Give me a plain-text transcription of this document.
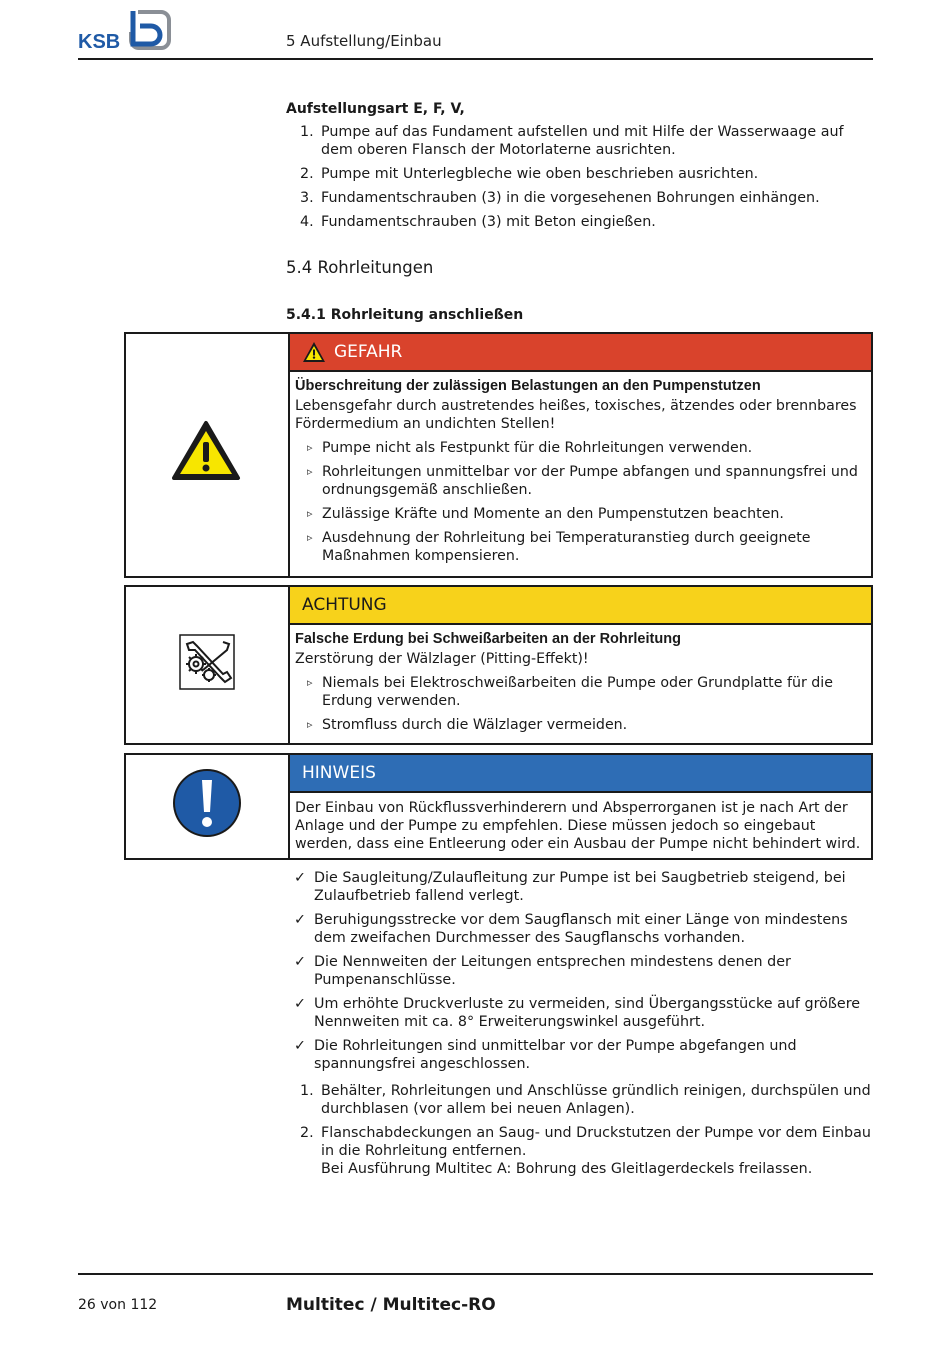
KSB	5 Aufstellung/Einbau
Aufstellungsart E, F, V,
1. Pumpe auf das Fundament aufstellen und mit Hilfe der Wasserwaage auf dem oberen Flansch der Motorlaterne ausrichten.
2. Pumpe mit Unterlegbleche wie oben beschrieben ausrichten.
3. Fundamentschrauben (3) in die vorgesehenen Bohrungen einhängen.
4. Fundamentschrauben (3) mit Beton eingießen.
5.4 Rohrleitungen
5.4.1 Rohrleitung anschließen
GEFAHR
Überschreitung der zulässigen Belastungen an den Pumpenstutzen
Lebensgefahr durch austretendes heißes, toxisches, ätzendes oder brennbares Fördermedium an undichten Stellen!
▹ Pumpe nicht als Festpunkt für die Rohrleitungen verwenden.
▹ Rohrleitungen unmittelbar vor der Pumpe abfangen und spannungsfrei und ordnungsgemäß anschließen.
▹ Zulässige Kräfte und Momente an den Pumpenstutzen beachten.
▹ Ausdehnung der Rohrleitung bei Temperaturanstieg durch geeignete Maßnahmen kompensieren.
ACHTUNG
Falsche Erdung bei Schweißarbeiten an der Rohrleitung
Zerstörung der Wälzlager (Pitting-Effekt)!
▹ Niemals bei Elektroschweißarbeiten die Pumpe oder Grundplatte für die Erdung verwenden.
▹ Stromfluss durch die Wälzlager vermeiden.
HINWEIS
Der Einbau von Rückflussverhinderern und Absperrorganen ist je nach Art der Anlage und der Pumpe zu empfehlen. Diese müssen jedoch so eingebaut werden, dass eine Entleerung oder ein Ausbau der Pumpe nicht behindert wird.
✓ Die Saugleitung/Zulaufleitung zur Pumpe ist bei Saugbetrieb steigend, bei Zulaufbetrieb fallend verlegt.
✓ Beruhigungsstrecke vor dem Saugflansch mit einer Länge von mindestens dem zweifachen Durchmesser des Saugflanschs vorhanden.
✓ Die Nennweiten der Leitungen entsprechen mindestens denen der Pumpenanschlüsse.
✓ Um erhöhte Druckverluste zu vermeiden, sind Übergangsstücke auf größere Nennweiten mit ca. 8° Erweiterungswinkel ausgeführt.
✓ Die Rohrleitungen sind unmittelbar vor der Pumpe abgefangen und spannungsfrei angeschlossen.
1. Behälter, Rohrleitungen und Anschlüsse gründlich reinigen, durchspülen und durchblasen (vor allem bei neuen Anlagen).
2. Flanschabdeckungen an Saug- und Druckstutzen der Pumpe vor dem Einbau in die Rohrleitung entfernen.
Bei Ausführung Multitec A: Bohrung des Gleitlagerdeckels freilassen.
26 von 112	Multitec / Multitec-RO
